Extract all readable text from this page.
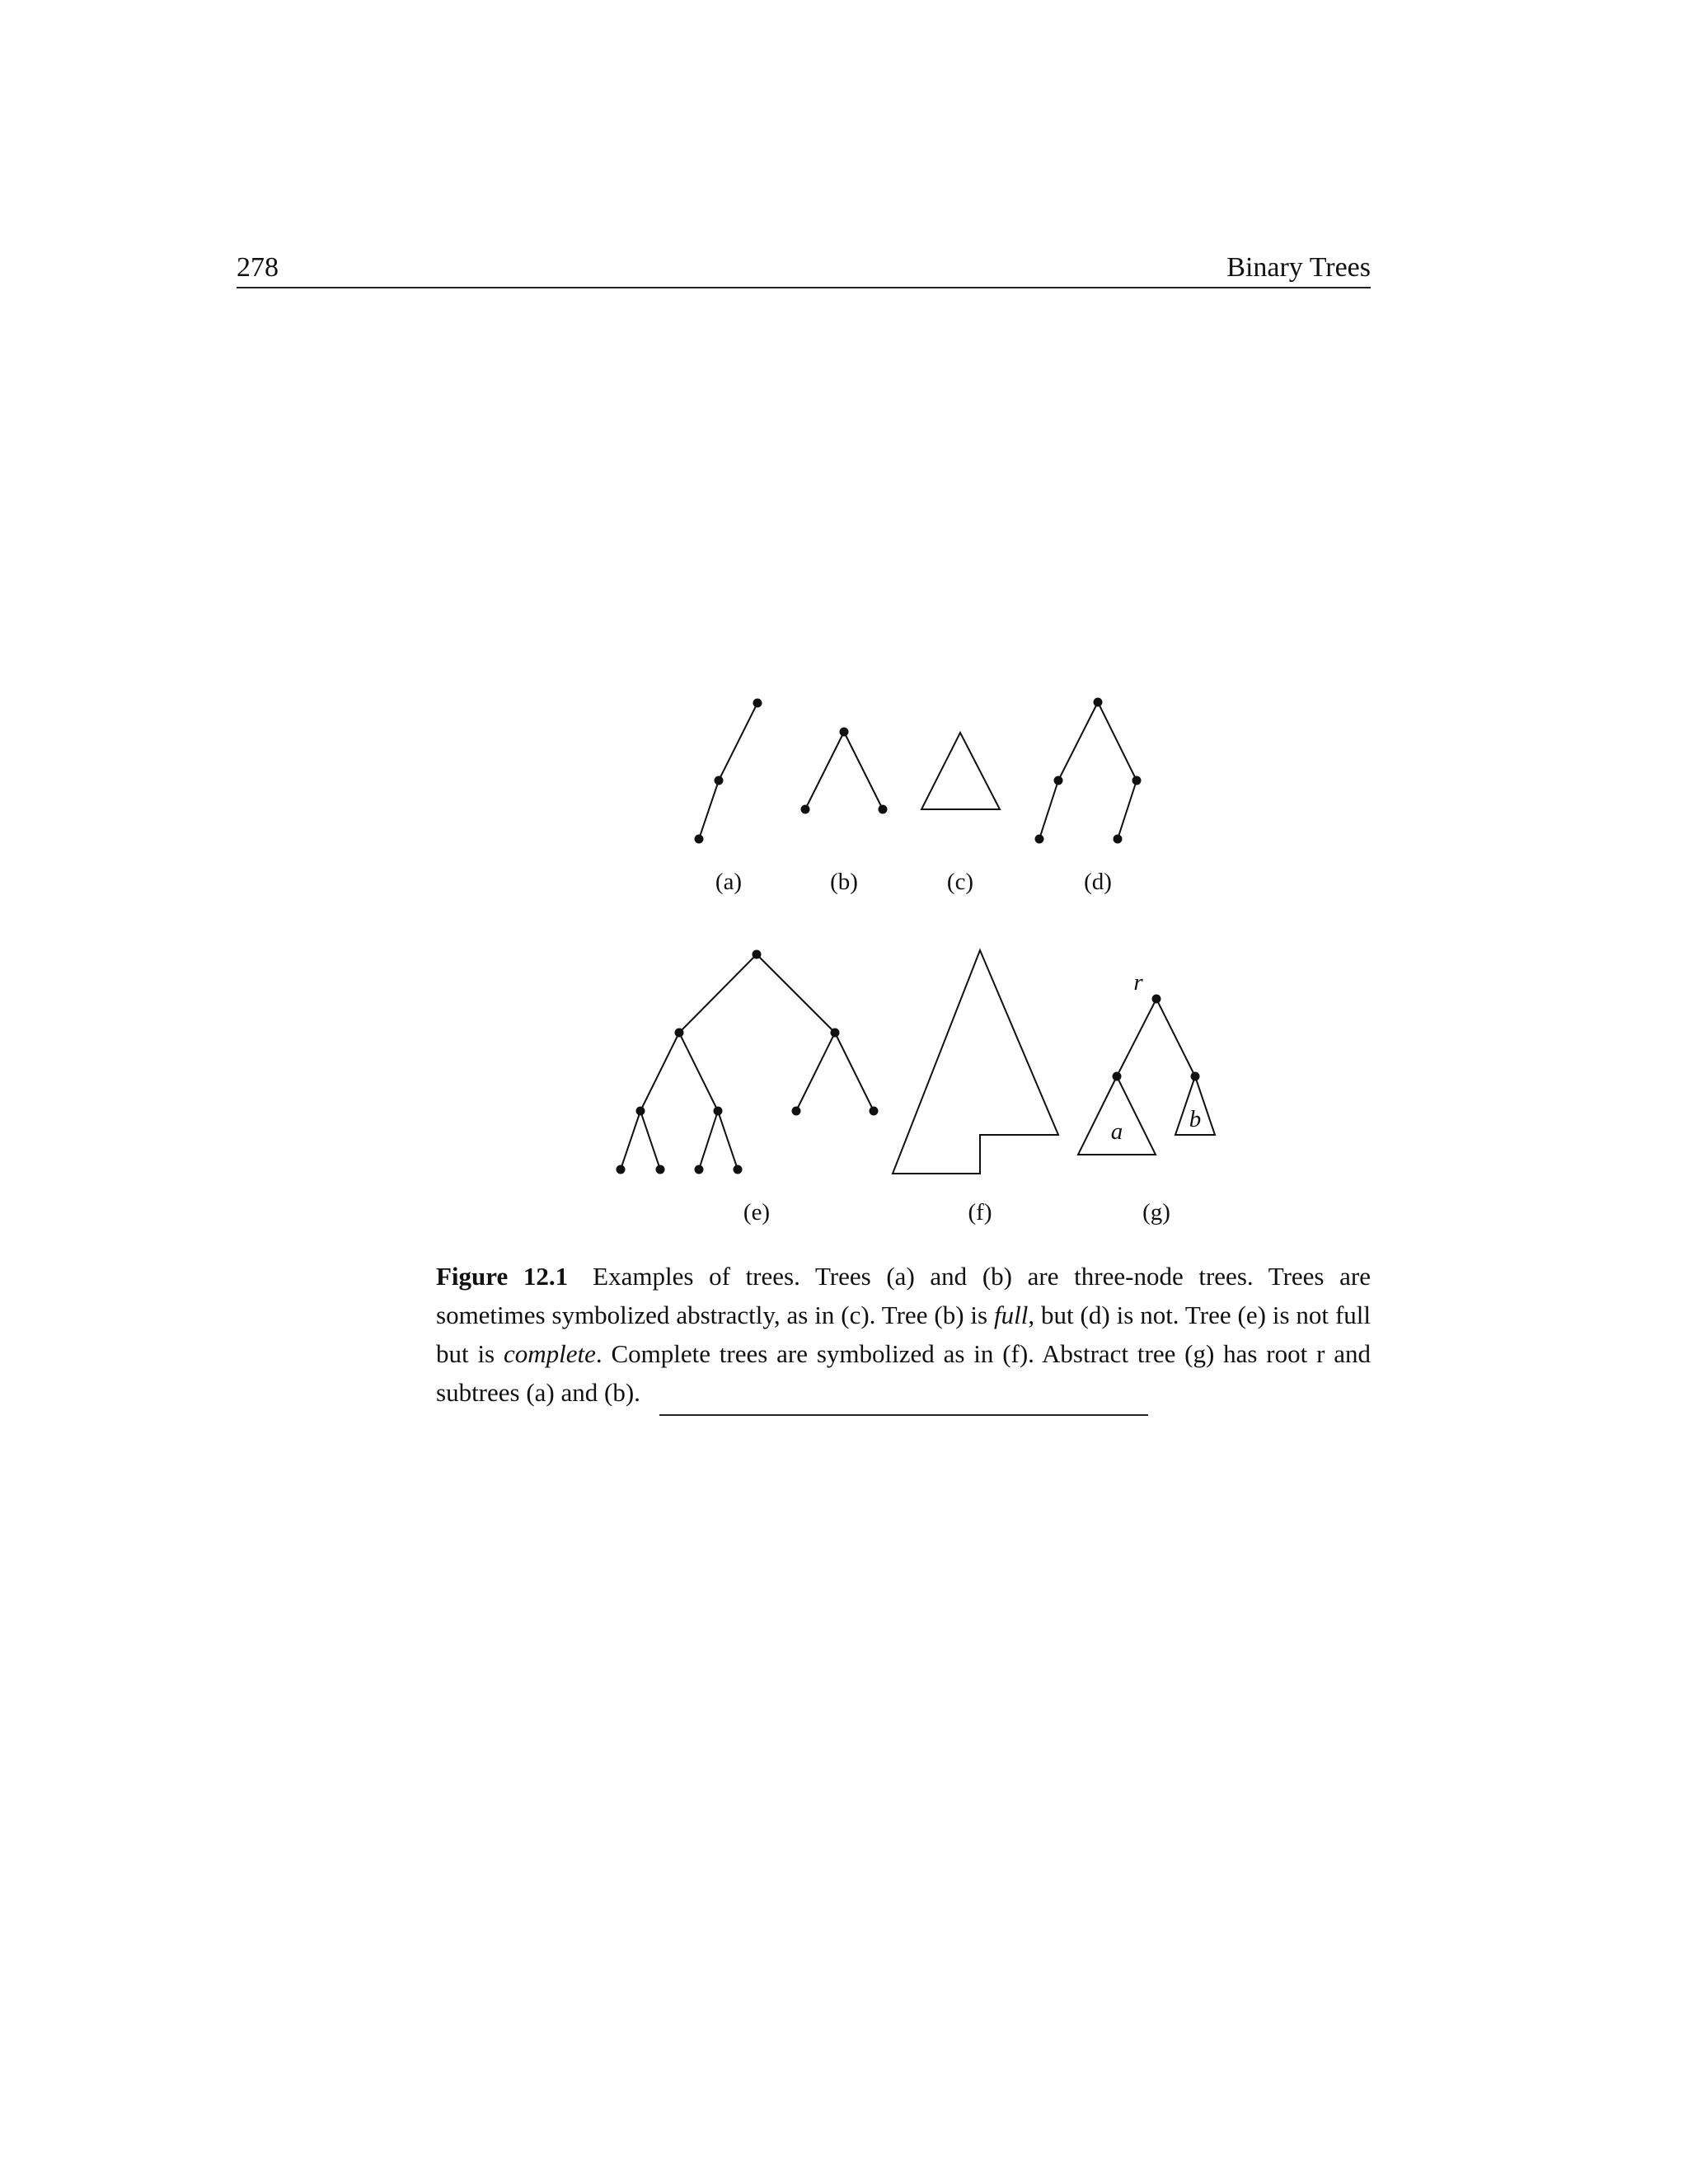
278	Binary Trees
r
a	b
(a)	(b)	(c)	(d)
(e)	(f)	(g)
Figure 12.1 Examples of trees. Trees (a) and (b) are three-node trees. Trees are sometimes symbolized abstractly, as in (c). Tree (b) is full, but (d) is not. Tree (e) is not full but is complete. Complete trees are symbolized as in (f). Abstract tree (g) has root r and subtrees (a) and (b).
